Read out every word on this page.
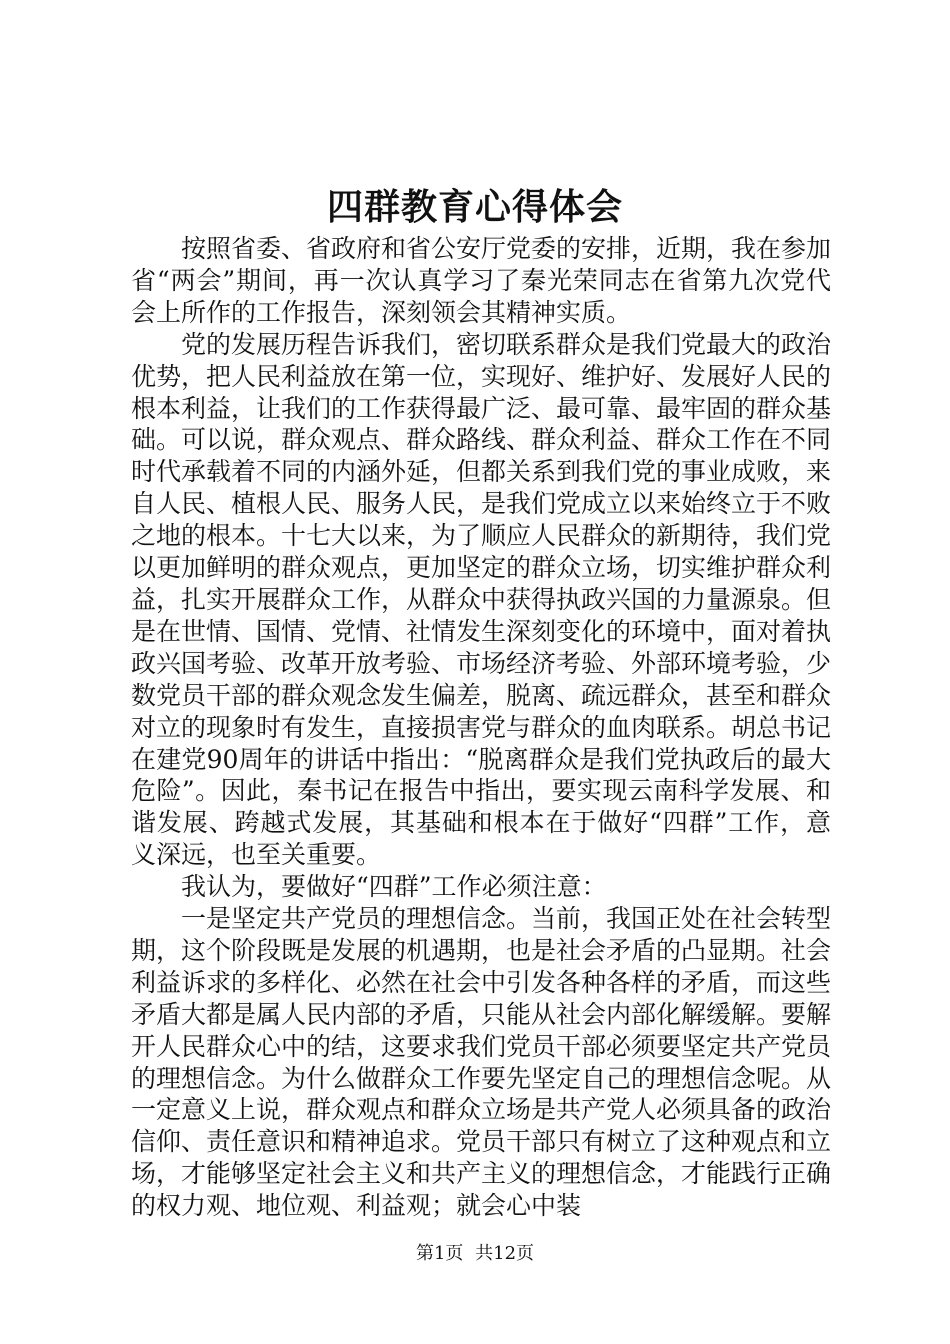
四群教育心得体会

按照省委、省政府和省公安厅党委的安排，近期，我在参加省“两会”期间，再一次认真学习了秦光荣同志在省第九次党代会上所作的工作报告，深刻领会其精神实质。

党的发展历程告诉我们，密切联系群众是我们党最大的政治优势，把人民利益放在第一位，实现好、维护好、发展好人民的根本利益，让我们的工作获得最广泛、最可靠、最牢固的群众基础。可以说，群众观点、群众路线、群众利益、群众工作在不同时代承载着不同的内涵外延，但都关系到我们党的事业成败，来自人民、植根人民、服务人民，是我们党成立以来始终立于不败之地的根本。十七大以来，为了顺应人民群众的新期待，我们党以更加鲜明的群众观点，更加坚定的群众立场，切实维护群众利益，扎实开展群众工作，从群众中获得执政兴国的力量源泉。但是在世情、国情、党情、社情发生深刻变化的环境中，面对着执政兴国考验、改革开放考验、市场经济考验、外部环境考验，少数党员干部的群众观念发生偏差，脱离、疏远群众，甚至和群众对立的现象时有发生，直接损害党与群众的血肉联系。胡总书记在建党90周年的讲话中指出：“脱离群众是我们党执政后的最大危险”。因此，秦书记在报告中指出，要实现云南科学发展、和谐发展、跨越式发展，其基础和根本在于做好“四群”工作，意义深远，也至关重要。

我认为，要做好“四群”工作必须注意：

一是坚定共产党员的理想信念。当前，我国正处在社会转型期，这个阶段既是发展的机遇期，也是社会矛盾的凸显期。社会利益诉求的多样化、必然在社会中引发各种各样的矛盾，而这些矛盾大都是属人民内部的矛盾，只能从社会内部化解缓解。要解开人民群众心中的结，这要求我们党员干部必须要坚定共产党员的理想信念。为什么做群众工作要先坚定自己的理想信念呢。从一定意义上说，群众观点和群众立场是共产党人必须具备的政治信仰、责任意识和精神追求。党员干部只有树立了这种观点和立场，才能够坚定社会主义和共产主义的理想信念，才能践行正确的权力观、地位观、利益观；就会心中装

第1页 共12页
